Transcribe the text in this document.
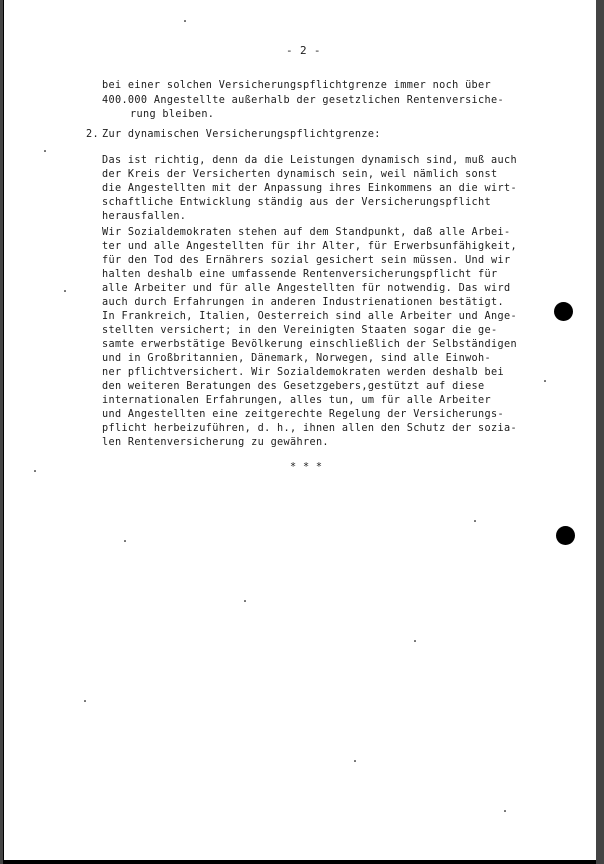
- 2 -

bei einer solchen Versicherungspflichtgrenze immer noch über

400.000 Angestellte außerhalb der gesetzlichen Rentenversiche-

rung bleiben.

2. Zur dynamischen Versicherungspflichtgrenze:

Das ist richtig, denn da die Leistungen dynamisch sind, muß auch

der Kreis der Versicherten dynamisch sein, weil nämlich sonst

die Angestellten mit der Anpassung ihres Einkommens an die wirt-

schaftliche Entwicklung ständig aus der Versicherungspflicht

herausfallen.

Wir Sozialdemokraten stehen auf dem Standpunkt, daß alle Arbei-

ter und alle Angestellten für ihr Alter, für Erwerbsunfähigkeit,

für den Tod des Ernährers sozial gesichert sein müssen. Und wir

halten deshalb eine umfassende Rentenversicherungspflicht für

alle Arbeiter und für alle Angestellten für notwendig. Das wird

auch durch Erfahrungen in anderen Industrienationen bestätigt.

In Frankreich, Italien, Oesterreich sind alle Arbeiter und Ange-

stellten versichert; in den Vereinigten Staaten sogar die ge-

samte erwerbstätige Bevölkerung einschließlich der Selbständigen

und in Großbritannien, Dänemark, Norwegen, sind alle Einwoh-

ner pflichtversichert. Wir Sozialdemokraten werden deshalb bei

den weiteren Beratungen des Gesetzgebers,gestützt auf diese

internationalen Erfahrungen, alles tun, um für alle Arbeiter

und Angestellten eine zeitgerechte Regelung der Versicherungs-

pflicht herbeizuführen, d. h., ihnen allen den Schutz der sozia-

len Rentenversicherung zu gewähren.

* * *
